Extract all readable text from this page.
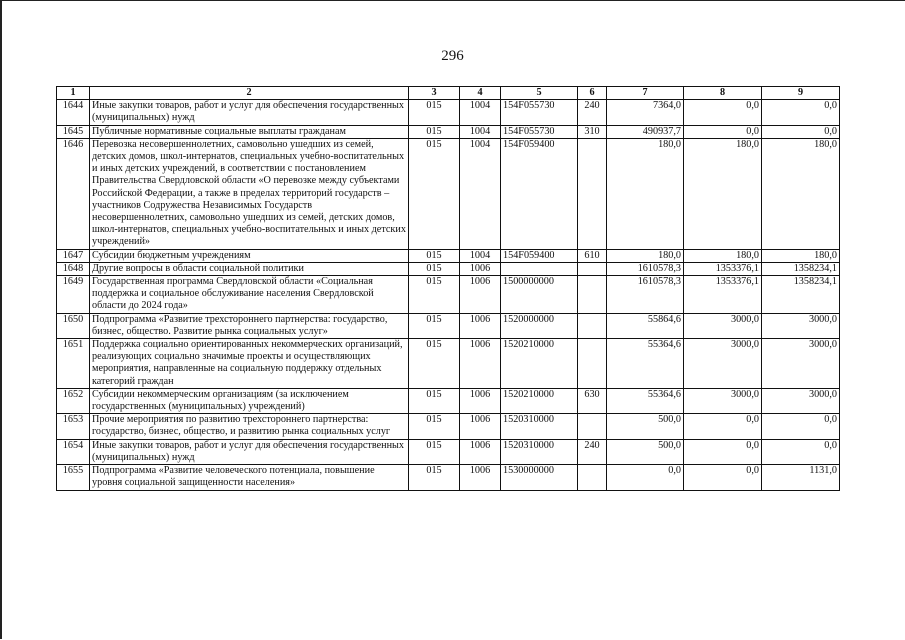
296
1	2	3	4	5	6	7	8	9
1644	Иные закупки товаров, работ и услуг для обеспечения государственных (муниципальных) нужд	015	1004	154F055730	240	7364,0	0,0	0,0
1645	Публичные нормативные социальные выплаты гражданам	015	1004	154F055730	310	490937,7	0,0	0,0
1646	Перевозка несовершеннолетних, самовольно ушедших из семей, детских домов, школ-интернатов, специальных учебно-воспитательных и иных детских учреждений, в соответствии с постановлением Правительства Свердловской области «О перевозке между субъектами Российской Федерации, а также в пределах территорий государств – участников Содружества Независимых Государств несовершеннолетних, самовольно ушедших из семей, детских домов, школ-интернатов, специальных учебно-воспитательных и иных детских учреждений»	015	1004	154F059400		180,0	180,0	180,0
1647	Субсидии бюджетным учреждениям	015	1004	154F059400	610	180,0	180,0	180,0
1648	Другие вопросы в области социальной политики	015	1006			1610578,3	1353376,1	1358234,1
1649	Государственная программа Свердловской области «Социальная поддержка и социальное обслуживание населения Свердловской области до 2024 года»	015	1006	1500000000		1610578,3	1353376,1	1358234,1
1650	Подпрограмма «Развитие трехстороннего партнерства: государство, бизнес, общество. Развитие рынка социальных услуг»	015	1006	1520000000		55864,6	3000,0	3000,0
1651	Поддержка социально ориентированных некоммерческих организаций, реализующих социально значимые проекты и осуществляющих мероприятия, направленные на социальную поддержку отдельных категорий граждан	015	1006	1520210000		55364,6	3000,0	3000,0
1652	Субсидии некоммерческим организациям (за исключением государственных (муниципальных) учреждений)	015	1006	1520210000	630	55364,6	3000,0	3000,0
1653	Прочие мероприятия по развитию трехстороннего партнерства: государство, бизнес, общество, и развитию рынка социальных услуг	015	1006	1520310000		500,0	0,0	0,0
1654	Иные закупки товаров, работ и услуг для обеспечения государственных (муниципальных) нужд	015	1006	1520310000	240	500,0	0,0	0,0
1655	Подпрограмма «Развитие человеческого потенциала, повышение уровня социальной защищенности населения»	015	1006	1530000000		0,0	0,0	1131,0
